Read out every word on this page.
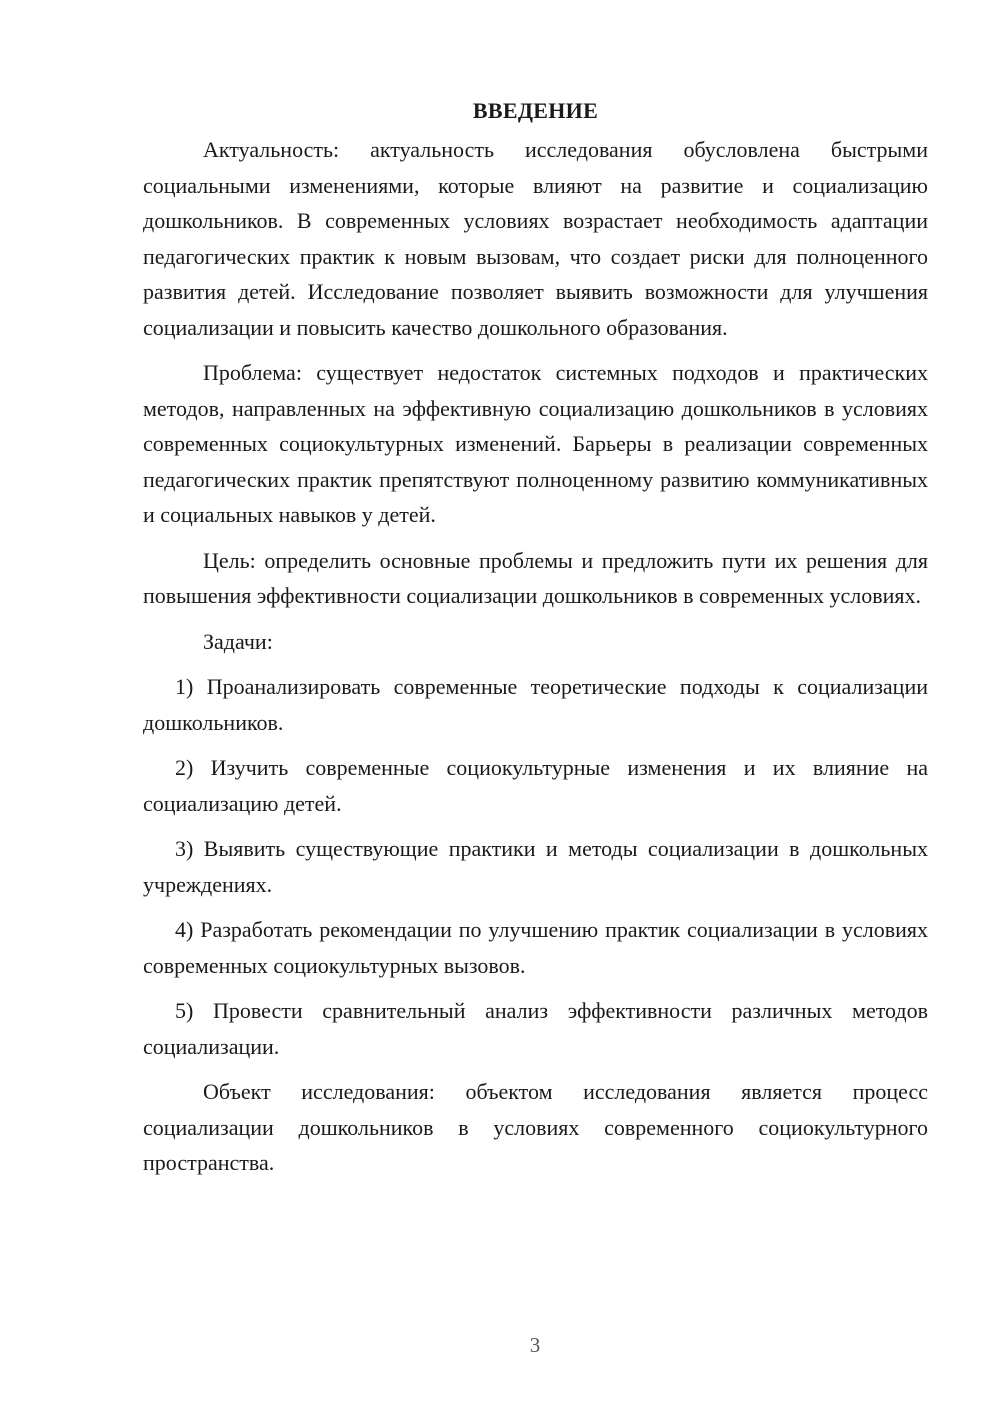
ВВЕДЕНИЕ

Актуальность: актуальность исследования обусловлена быстрыми социальными изменениями, которые влияют на развитие и социализацию дошкольников. В современных условиях возрастает необходимость адаптации педагогических практик к новым вызовам, что создает риски для полноценного развития детей. Исследование позволяет выявить возможности для улучшения социализации и повысить качество дошкольного образования.

Проблема: существует недостаток системных подходов и практических методов, направленных на эффективную социализацию дошкольников в условиях современных социокультурных изменений. Барьеры в реализации современных педагогических практик препятствуют полноценному развитию коммуникативных и социальных навыков у детей.

Цель: определить основные проблемы и предложить пути их решения для повышения эффективности социализации дошкольников в современных условиях.

Задачи:

1) Проанализировать современные теоретические подходы к социализации дошкольников.

2) Изучить современные социокультурные изменения и их влияние на социализацию детей.

3) Выявить существующие практики и методы социализации в дошкольных учреждениях.

4) Разработать рекомендации по улучшению практик социализации в условиях современных социокультурных вызовов.

5) Провести сравнительный анализ эффективности различных методов социализации.

Объект исследования: объектом исследования является процесс социализации дошкольников в условиях современного социокультурного пространства.

3
